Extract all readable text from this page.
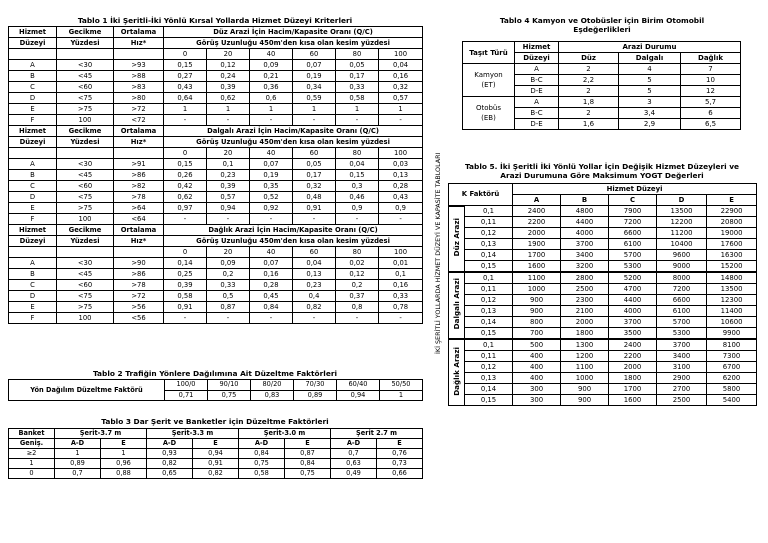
Tablo 1 İki Şeritli-İki Yönlü Kırsal Yollarda Hizmet Düzeyi Kriterleri
Hizmet	Gecikme	Ortalama	Düz Arazi İçin Hacim/Kapasite Oranı (Q/C)					
Düzeyi	Yüzdesi	Hız*	Görüş Uzunluğu 450m'den kısa olan kesim yüzdesi					
			0	20	40	60	80	100
A	<30	>93	0,15	0,12	0,09	0,07	0,05	0,04
B	<45	>88	0,27	0,24	0,21	0,19	0,17	0,16
C	<60	>83	0,43	0,39	0,36	0,34	0,33	0,32
D	<75	>80	0,64	0,62	0,6	0,59	0,58	0,57
E	>75	>72	1	1	1	1	1	1
F	100	<72	-	-	-	-	-	-
Hizmet	Gecikme	Ortalama	Dalgalı Arazi İçin Hacim/Kapasite Oranı (Q/C)					
Düzeyi	Yüzdesi	Hız*	Görüş Uzunluğu 450m'den kısa olan kesim yüzdesi					
			0	20	40	60	80	100
A	<30	>91	0,15	0,1	0,07	0,05	0,04	0,03
B	<45	>86	0,26	0,23	0,19	0,17	0,15	0,13
C	<60	>82	0,42	0,39	0,35	0,32	0,3	0,28
D	<75	>78	0,62	0,57	0,52	0,48	0,46	0,43
E	>75	>64	0,97	0,94	0,92	0,91	0,9	0,9
F	100	<64	-	-	-	-	-	-
Hizmet	Gecikme	Ortalama	Dağlık Arazi İçin Hacim/Kapasite Oranı (Q/C)					
Düzeyi	Yüzdesi	Hız*	Görüş Uzunluğu 450m'den kısa olan kesim yüzdesi					
			0	20	40	60	80	100
A	<30	>90	0,14	0,09	0,07	0,04	0,02	0,01
B	<45	>86	0,25	0,2	0,16	0,13	0,12	0,1
C	<60	>78	0,39	0,33	0,28	0,23	0,2	0,16
D	<75	>72	0,58	0,5	0,45	0,4	0,37	0,33
E	>75	>56	0,91	0,87	0,84	0,82	0,8	0,78
F	100	<56	-	-	-	-	-	-
Tablo 2 Trafiğin Yönlere Dağılımına Ait Düzeltme Faktörleri
Yön Dağılım Düzeltme Faktörü	100/0	90/10	80/20	70/30	60/40	50/50
	0,71	0,75	0,83	0,89	0,94	1
Tablo 3 Dar Şerit ve Banketler için Düzeltme Faktörleri
Banket	Şerit-3.7 m		Şerit-3.3 m		Şerit-3.0 m		Şerit 2.7 m	
Geniş.	A-D	E	A-D	E	A-D	E	A-D	E
≥2	1	1	0,93	0,94	0,84	0,87	0,7	0,76
1	0,89	0,96	0,82	0,91	0,75	0,84	0,63	0,73
0	0,7	0,88	0,65	0,82	0,58	0,75	0,49	0,66
İKİ ŞERİTLİ YOLLARDA HİZMET DÜZEYİ VE KAPASİTE TABLOLARI
Tablo 4 Kamyon ve Otobüsler için Birim Otomobil
Eşdeğerlikleri
Taşıt Türü	Hizmet	Arazi Durumu		
	Düzeyi	Düz	Dalgalı	Dağlık

Kamyon
(ET)	A	2	4	7
	B-C	2,2	5	10
	D-E	2	5	12

Otobüs
(EB)	A	1,8	3	5,7
	B-C	2	3,4	6
	D-E	1,6	2,9	6,5
Tablo 5. İki Şeritli İki Yönlü Yollar İçin Değişik Hizmet Düzeyleri ve
Arazi Durumuna Göre Maksimum YOGT Değerleri
K Faktörü		Hizmet Düzeyi				
		A	B	C	D	E
Düz Arazi	0,1	2400	4800	7900	13500	22900
	0,11	2200	4400	7200	12200	20800
	0,12	2000	4000	6600	11200	19000
	0,13	1900	3700	6100	10400	17600
	0,14	1700	3400	5700	9600	16300
	0,15	1600	3200	5300	9000	15200
Dalgalı Arazi	0,1	1100	2800	5200	8000	14800
	0,11	1000	2500	4700	7200	13500
	0,12	900	2300	4400	6600	12300
	0,13	900	2100	4000	6100	11400
	0,14	800	2000	3700	5700	10600
	0,15	700	1800	3500	5300	9900
Dağlık Arazi	0,1	500	1300	2400	3700	8100
	0,11	400	1200	2200	3400	7300
	0,12	400	1100	2000	3100	6700
	0,13	400	1000	1800	2900	6200
	0,14	300	900	1700	2700	5800
	0,15	300	900	1600	2500	5400
